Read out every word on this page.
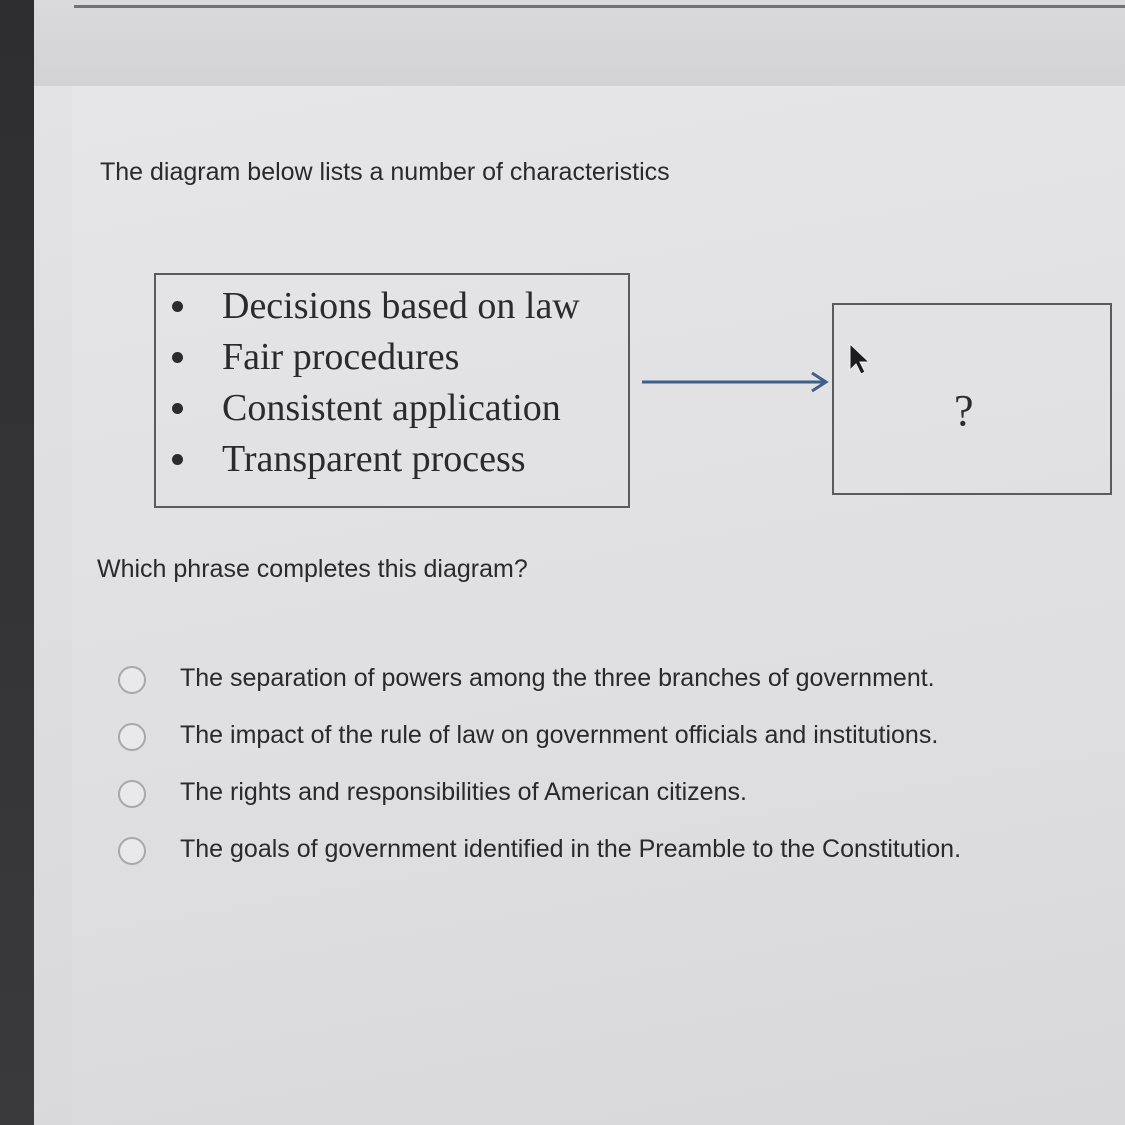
The diagram below lists a number of characteristics
Decisions based on law
Fair procedures
Consistent application
Transparent process
?
Which phrase completes this diagram?
The separation of powers among the three branches of government.
The impact of the rule of law on government officials and institutions.
The rights and responsibilities of American citizens.
The goals of government identified in the Preamble to the Constitution.
